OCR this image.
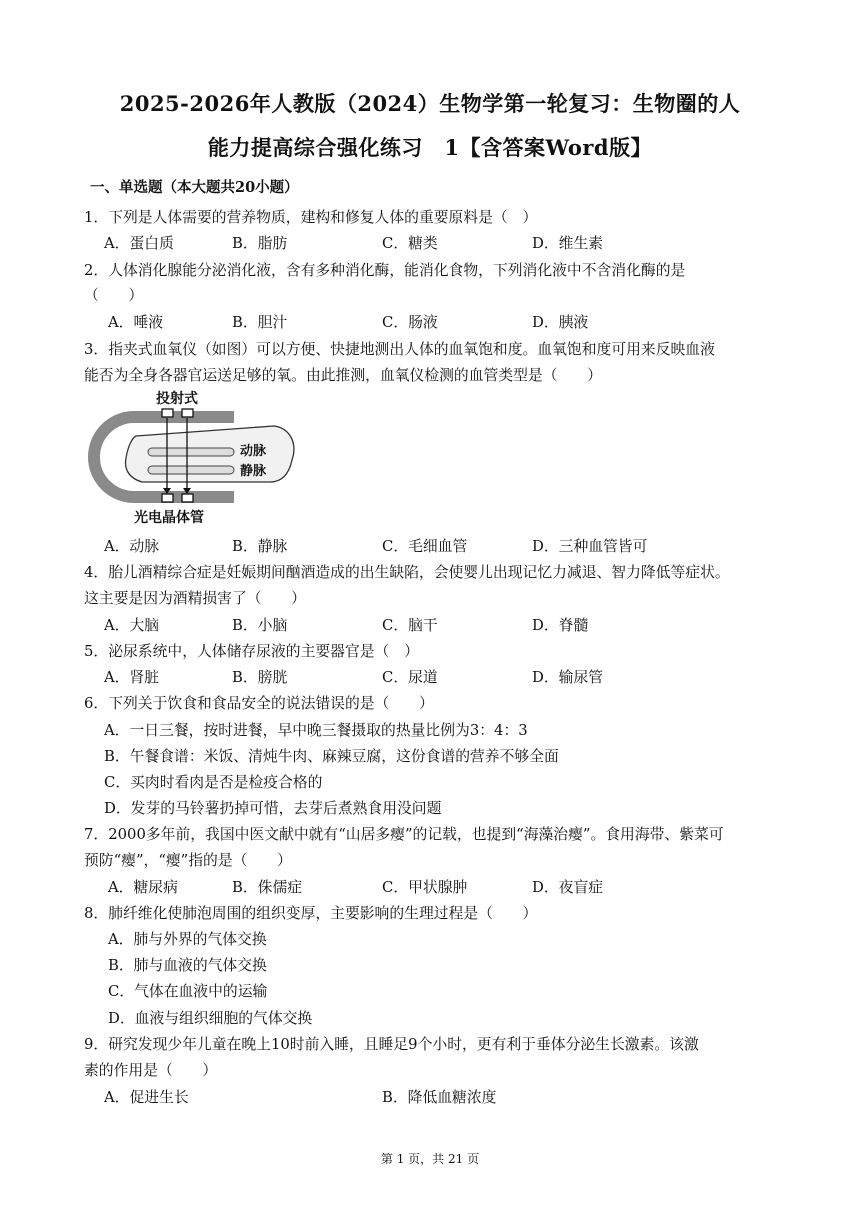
2025-2026年人教版（2024）生物学第一轮复习：生物圈的人
能力提高综合强化练习　1【含答案Word版】
一、单选题（本大题共20小题）
1．下列是人体需要的营养物质，建构和修复人体的重要原料是（　）
A．蛋白质	B．脂肪	C．糖类	D．维生素
2．人体消化腺能分泌消化液，含有多种消化酶，能消化食物，下列消化液中不含消化酶的是
（　　）
A．唾液	B．胆汁	C．肠液	D．胰液
3．指夹式血氧仪（如图）可以方便、快捷地测出人体的血氧饱和度。血氧饱和度可用来反映血液
能否为全身各器官运送足够的氧。由此推测，血氧仪检测的血管类型是（　　）
投射式
动脉
静脉
光电晶体管
A．动脉	B．静脉	C．毛细血管	D．三种血管皆可
4．胎儿酒精综合症是妊娠期间酗酒造成的出生缺陷，会使婴儿出现记忆力减退、智力降低等症状。
这主要是因为酒精损害了（　　）
A．大脑	B．小脑	C．脑干	D．脊髓
5．泌尿系统中，人体储存尿液的主要器官是（　）
A．肾脏	B．膀胱	C．尿道	D．输尿管
6．下列关于饮食和食品安全的说法错误的是（　　）
A．一日三餐，按时进餐，早中晚三餐摄取的热量比例为3：4：3
B．午餐食谱：米饭、清炖牛肉、麻辣豆腐，这份食谱的营养不够全面
C．买肉时看肉是否是检疫合格的
D．发芽的马铃薯扔掉可惜，去芽后煮熟食用没问题
7．2000多年前，我国中医文献中就有“山居多瘿”的记载，也提到“海藻治瘿”。食用海带、紫菜可
预防“瘿”，“瘿”指的是（　　）
A．糖尿病	B．侏儒症	C．甲状腺肿	D．夜盲症
8．肺纤维化使肺泡周围的组织变厚，主要影响的生理过程是（　　）
A．肺与外界的气体交换
B．肺与血液的气体交换
C．气体在血液中的运输
D．血液与组织细胞的气体交换
9．研究发现少年儿童在晚上10时前入睡，且睡足9个小时，更有利于垂体分泌生长激素。该激
素的作用是（　　）
A．促进生长	B．降低血糖浓度
第 1 页，共 21 页
